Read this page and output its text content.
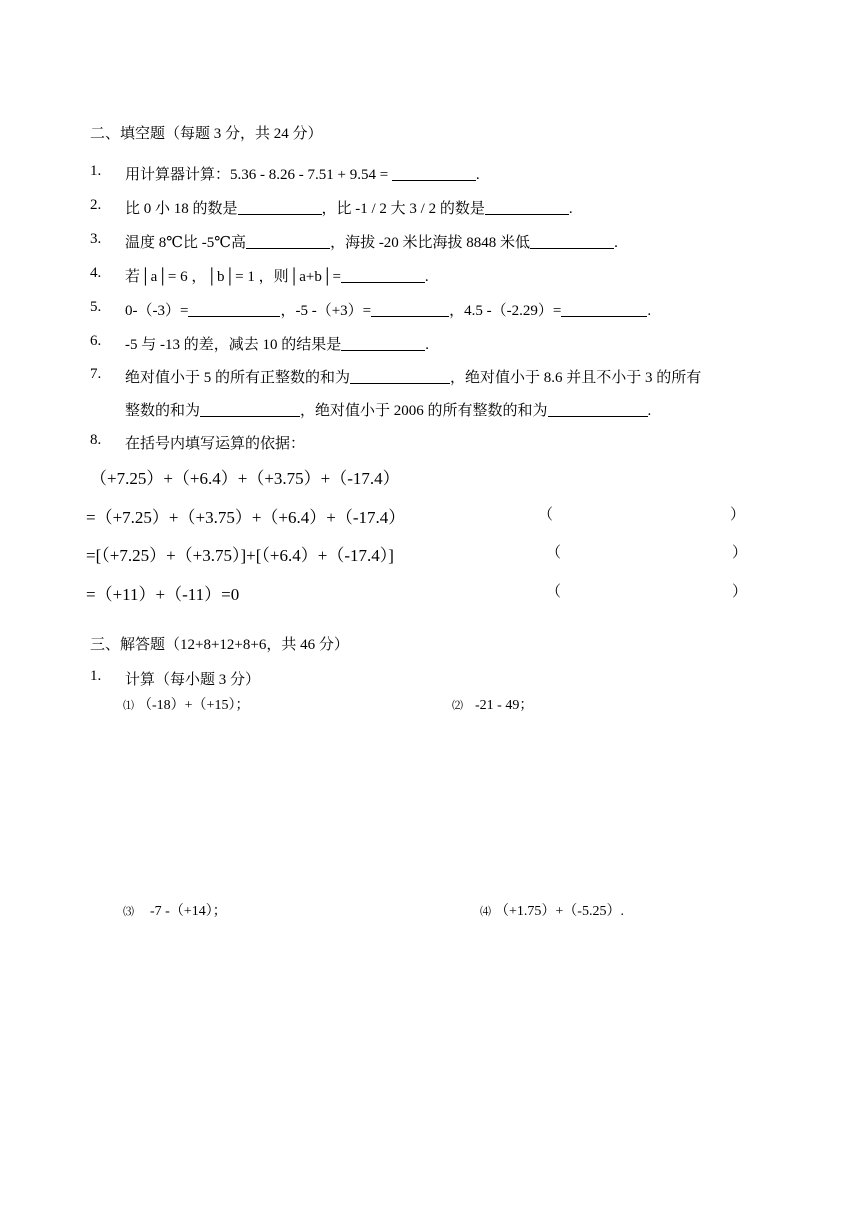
二、填空题（每题 3 分，共 24 分）
1. 用计算器计算：5.36 - 8.26 - 7.51 + 9.54 =	.
2. 比 0 小 18 的数是	，比 -1 / 2 大 3 / 2 的数是	.
3. 温度 8℃比 -5℃高	，海拔 -20 米比海拔 8848 米低	.
4. 若│a│= 6 ，│b│= 1 ，则│a+b│=	.
5. 0-（-3）=	，-5 -（+3）=	，4.5 -（-2.29）=	.
6. -5 与 -13 的差，减去 10 的结果是	.
7. 绝对值小于 5 的所有正整数的和为	，绝对值小于 8.6 并且不小于 3 的所有
整数的和为	，绝对值小于 2006 的所有整数的和为	.
8. 在括号内填写运算的依据：
（+7.25）+（+6.4）+（+3.75）+（-17.4）
=（+7.25）+（+3.75）+（+6.4）+（-17.4）	（	）
=[（+7.25）+（+3.75）]+[（+6.4）+（-17.4）]	（	）
=（+11）+（-11）=0	（	）
三、解答题（12+8+12+8+6，共 46 分）
1. 计算（每小题 3 分）
⑴ （-18）+（+15）；	⑵ -21 - 49；
⑶ -7 -（+14）；	⑷ （+1.75）+（-5.25）.
